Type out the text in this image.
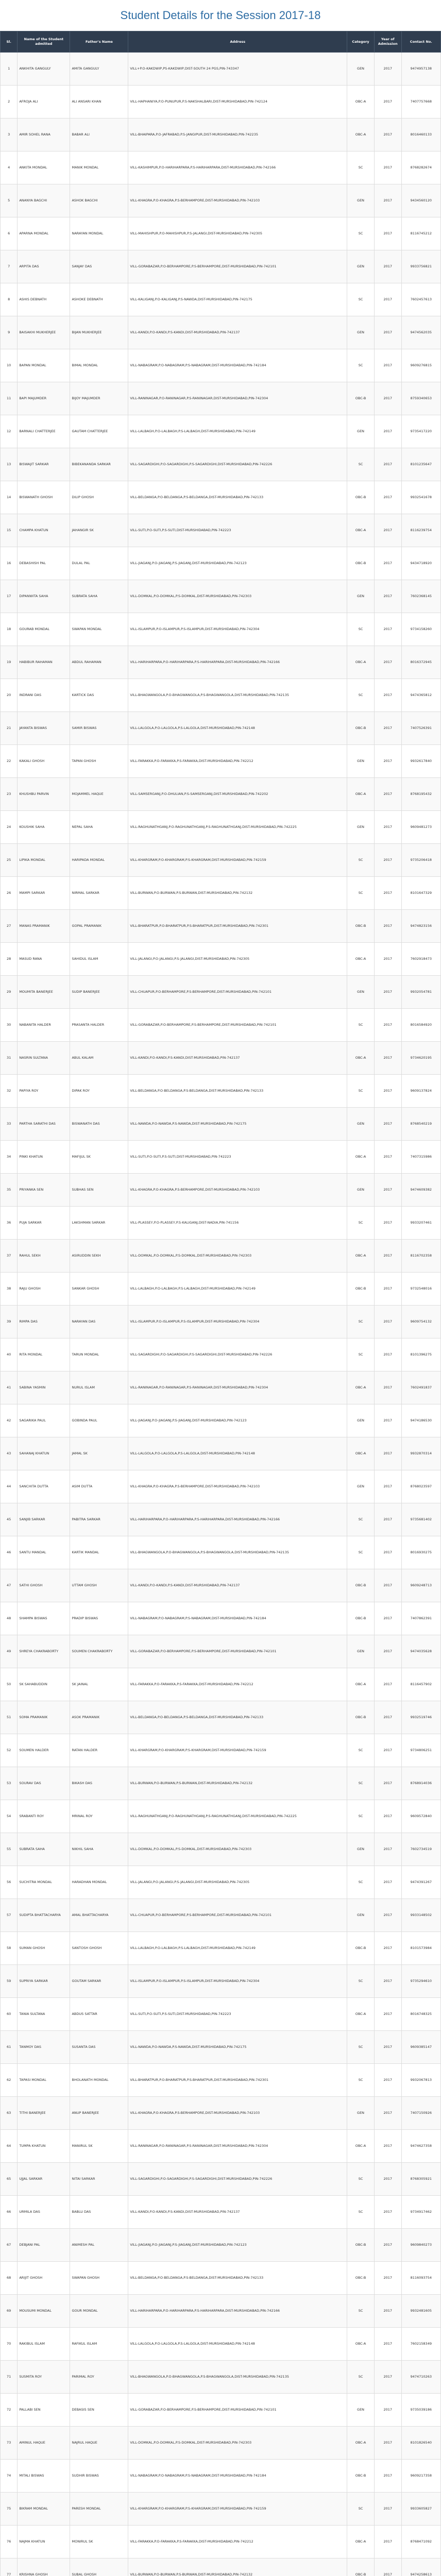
Student Details for the Session 2017-18
Sl.	Name of the Student admitted	Father's Name	Address	Category	Year of Admission	Contact No.
1	ANKHITA GANGULY	AMITA GANGULY	VILL+P.O-KAKDWIP,PS-KAKDWIP,DIST-SOUTH 24 PGS,PIN-743347	GEN	2017	9474957138
2	AFROJA ALI	ALI ANSARI KHAN	VILL-HAPHANIYA,P.O-PUNUPUR,P.S-NAKSHALBARI,DIST-MURSHIDABAD,PIN-742124	OBC-A	2017	7407757668
3	AMIR SOHEL RANA	BABAR ALI	VILL-BHAIPARA,P.O-JAFRABAD,P.S-JANGIPUR,DIST-MURSHIDABAD,PIN-742235	OBC-A	2017	8016460133
4	ANKITA MONDAL	MANIK MONDAL	VILL-KASHIMPUR,P.O-HARIHARPARA,P.S-HARIHARPARA,DIST-MURSHIDABAD,PIN-742166	SC	2017	8768282674
5	ANANYA BAGCHI	ASHOK BAGCHI	VILL-KHAGRA,P.O-KHAGRA,P.S-BERHAMPORE,DIST-MURSHIDABAD,PIN-742103	GEN	2017	9434560120
6	APARNA MONDAL	NARAYAN MONDAL	VILL-MAHISHPUR,P.O-MAHISHPUR,P.S-JALANGI,DIST-MURSHIDABAD,PIN-742305	SC	2017	8116745212
7	ARPITA DAS	SANJAY DAS	VILL-GORABAZAR,P.O-BERHAMPORE,P.S-BERHAMPORE,DIST-MURSHIDABAD,PIN-742101	GEN	2017	9933756821
8	ASHIS DEBNATH	ASHOKE DEBNATH	VILL-KALIGANJ,P.O-KALIGANJ,P.S-NAWDA,DIST-MURSHIDABAD,PIN-742175	SC	2017	7602457613
9	BAISAKHI MUKHERJEE	BIJAN MUKHERJEE	VILL-KANDI,P.O-KANDI,P.S-KANDI,DIST-MURSHIDABAD,PIN-742137	GEN	2017	9474562035
10	BAPAN MONDAL	BIMAL MONDAL	VILL-NABAGRAM,P.O-NABAGRAM,P.S-NABAGRAM,DIST-MURSHIDABAD,PIN-742184	SC	2017	9609276815
11	BAPI MAJUMDER	BIJOY MAJUMDER	VILL-RANINAGAR,P.O-RANINAGAR,P.S-RANINAGAR,DIST-MURSHIDABAD,PIN-742304	OBC-B	2017	8759340653
12	BARNALI CHATTERJEE	GAUTAM CHATTERJEE	VILL-LALBAGH,P.O-LALBAGH,P.S-LALBAGH,DIST-MURSHIDABAD,PIN-742149	GEN	2017	9735417220
13	BISWAJIT SARKAR	BIBEKANANDA SARKAR	VILL-SAGARDIGHI,P.O-SAGARDIGHI,P.S-SAGARDIGHI,DIST-MURSHIDABAD,PIN-742226	SC	2017	8101235647
14	BISWANATH GHOSH	DILIP GHOSH	VILL-BELDANGA,P.O-BELDANGA,P.S-BELDANGA,DIST-MURSHIDABAD,PIN-742133	OBC-B	2017	9932541678
15	CHAMPA KHATUN	JAHANGIR SK	VILL-SUTI,P.O-SUTI,P.S-SUTI,DIST-MURSHIDABAD,PIN-742223	OBC-A	2017	8116239754
16	DEBASHISH PAL	DULAL PAL	VILL-JIAGANJ,P.O-JIAGANJ,P.S-JIAGANJ,DIST-MURSHIDABAD,PIN-742123	OBC-B	2017	9434718920
17	DIPANWITA SAHA	SUBRATA SAHA	VILL-DOMKAL,P.O-DOMKAL,P.S-DOMKAL,DIST-MURSHIDABAD,PIN-742303	GEN	2017	7602368145
18	GOURAB MONDAL	SWAPAN MONDAL	VILL-ISLAMPUR,P.O-ISLAMPUR,P.S-ISLAMPUR,DIST-MURSHIDABAD,PIN-742304	SC	2017	9734158260
19	HABIBUR RAHAMAN	ABDUL RAHAMAN	VILL-HARIHARPARA,P.O-HARIHARPARA,P.S-HARIHARPARA,DIST-MURSHIDABAD,PIN-742166	OBC-A	2017	8016372945
20	INDRANI DAS	KARTICK DAS	VILL-BHAGWANGOLA,P.O-BHAGWANGOLA,P.S-BHAGWANGOLA,DIST-MURSHIDABAD,PIN-742135	SC	2017	9474365812
21	JAYANTA BISWAS	SAMIR BISWAS	VILL-LALGOLA,P.O-LALGOLA,P.S-LALGOLA,DIST-MURSHIDABAD,PIN-742148	OBC-B	2017	7407526391
22	KAKALI GHOSH	TAPAN GHOSH	VILL-FARAKKA,P.O-FARAKKA,P.S-FARAKKA,DIST-MURSHIDABAD,PIN-742212	GEN	2017	9932617840
23	KHUSHBU PARVIN	MOJAMMEL HAQUE	VILL-SAMSERGANJ,P.O-DHULIAN,P.S-SAMSERGANJ,DIST-MURSHIDABAD,PIN-742202	OBC-A	2017	8768195432
24	KOUSHIK SAHA	NEPAL SAHA	VILL-RAGHUNATHGANJ,P.O-RAGHUNATHGANJ,P.S-RAGHUNATHGANJ,DIST-MURSHIDABAD,PIN-742225	GEN	2017	9609481273
25	LIPIKA MONDAL	HARIPADA MONDAL	VILL-KHARGRAM,P.O-KHARGRAM,P.S-KHARGRAM,DIST-MURSHIDABAD,PIN-742159	SC	2017	9735206418
26	MAMPI SARKAR	NIRMAL SARKAR	VILL-BURWAN,P.O-BURWAN,P.S-BURWAN,DIST-MURSHIDABAD,PIN-742132	SC	2017	8101647329
27	MANAS PRAMANIK	GOPAL PRAMANIK	VILL-BHARATPUR,P.O-BHARATPUR,P.S-BHARATPUR,DIST-MURSHIDABAD,PIN-742301	OBC-B	2017	9474823156
28	MASUD RANA	SAHIDUL ISLAM	VILL-JALANGI,P.O-JALANGI,P.S-JALANGI,DIST-MURSHIDABAD,PIN-742305	OBC-A	2017	7602918473
29	MOUMITA BANERJEE	SUDIP BANERJEE	VILL-CHUAPUR,P.O-BERHAMPORE,P.S-BERHAMPORE,DIST-MURSHIDABAD,PIN-742101	GEN	2017	9932054781
30	NABANITA HALDER	PRASANTA HALDER	VILL-GORABAZAR,P.O-BERHAMPORE,P.S-BERHAMPORE,DIST-MURSHIDABAD,PIN-742101	SC	2017	8016584920
31	NASRIN SULTANA	ABUL KALAM	VILL-KANDI,P.O-KANDI,P.S-KANDI,DIST-MURSHIDABAD,PIN-742137	OBC-A	2017	9734620195
32	PAPIYA ROY	DIPAK ROY	VILL-BELDANGA,P.O-BELDANGA,P.S-BELDANGA,DIST-MURSHIDABAD,PIN-742133	SC	2017	9609137824
33	PARTHA SARATHI DAS	BISWANATH DAS	VILL-NAWDA,P.O-NAWDA,P.S-NAWDA,DIST-MURSHIDABAD,PIN-742175	GEN	2017	8768540219
34	PINKI KHATUN	MAFIJUL SK	VILL-SUTI,P.O-SUTI,P.S-SUTI,DIST-MURSHIDABAD,PIN-742223	OBC-A	2017	7407315986
35	PRIYANKA SEN	SUBHAS SEN	VILL-KHAGRA,P.O-KHAGRA,P.S-BERHAMPORE,DIST-MURSHIDABAD,PIN-742103	GEN	2017	9474609382
36	PUJA SARKAR	LAKSHMAN SARKAR	VILL-PLASSEY,P.O-PLASSEY,P.S-KALIGANJ,DIST-NADIA,PIN-741156	SC	2017	9933207461
37	RAHUL SEKH	ASIRUDDIN SEKH	VILL-DOMKAL,P.O-DOMKAL,P.S-DOMKAL,DIST-MURSHIDABAD,PIN-742303	OBC-A	2017	8116702358
38	RAJU GHOSH	SANKAR GHOSH	VILL-LALBAGH,P.O-LALBAGH,P.S-LALBAGH,DIST-MURSHIDABAD,PIN-742149	OBC-B	2017	9732548016
39	RIMPA DAS	NARAYAN DAS	VILL-ISLAMPUR,P.O-ISLAMPUR,P.S-ISLAMPUR,DIST-MURSHIDABAD,PIN-742304	SC	2017	9609754132
40	RITA MONDAL	TARUN MONDAL	VILL-SAGARDIGHI,P.O-SAGARDIGHI,P.S-SAGARDIGHI,DIST-MURSHIDABAD,PIN-742226	SC	2017	8101396275
41	SABINA YASMIN	NURUL ISLAM	VILL-RANINAGAR,P.O-RANINAGAR,P.S-RANINAGAR,DIST-MURSHIDABAD,PIN-742304	OBC-A	2017	7602491837
42	SAGARIKA PAUL	GOBINDA PAUL	VILL-JIAGANJ,P.O-JIAGANJ,P.S-JIAGANJ,DIST-MURSHIDABAD,PIN-742123	GEN	2017	9474186530
43	SAHANAJ KHATUN	JAMAL SK	VILL-LALGOLA,P.O-LALGOLA,P.S-LALGOLA,DIST-MURSHIDABAD,PIN-742148	OBC-A	2017	9932870314
44	SANCHITA DUTTA	ASIM DUTTA	VILL-KHAGRA,P.O-KHAGRA,P.S-BERHAMPORE,DIST-MURSHIDABAD,PIN-742103	GEN	2017	8768023597
45	SANJIB SARKAR	PABITRA SARKAR	VILL-HARIHARPARA,P.O-HARIHARPARA,P.S-HARIHARPARA,DIST-MURSHIDABAD,PIN-742166	SC	2017	9735681402
46	SANTU MANDAL	KARTIK MANDAL	VILL-BHAGWANGOLA,P.O-BHAGWANGOLA,P.S-BHAGWANGOLA,DIST-MURSHIDABAD,PIN-742135	SC	2017	8016930275
47	SATHI GHOSH	UTTAM GHOSH	VILL-KANDI,P.O-KANDI,P.S-KANDI,DIST-MURSHIDABAD,PIN-742137	OBC-B	2017	9609248713
48	SHAMPA BISWAS	PRADIP BISWAS	VILL-NABAGRAM,P.O-NABAGRAM,P.S-NABAGRAM,DIST-MURSHIDABAD,PIN-742184	OBC-B	2017	7407862391
49	SHREYA CHAKRABORTY	SOUMEN CHAKRABORTY	VILL-GORABAZAR,P.O-BERHAMPORE,P.S-BERHAMPORE,DIST-MURSHIDABAD,PIN-742101	GEN	2017	9474035628
50	SK SAHABUDDIN	SK JAINAL	VILL-FARAKKA,P.O-FARAKKA,P.S-FARAKKA,DIST-MURSHIDABAD,PIN-742212	OBC-A	2017	8116457902
51	SOMA PRAMANIK	ASOK PRAMANIK	VILL-BELDANGA,P.O-BELDANGA,P.S-BELDANGA,DIST-MURSHIDABAD,PIN-742133	OBC-B	2017	9932519746
52	SOUMEN HALDER	RATAN HALDER	VILL-KHARGRAM,P.O-KHARGRAM,P.S-KHARGRAM,DIST-MURSHIDABAD,PIN-742159	SC	2017	9734806251
53	SOURAV DAS	BIKASH DAS	VILL-BURWAN,P.O-BURWAN,P.S-BURWAN,DIST-MURSHIDABAD,PIN-742132	SC	2017	8768914036
54	SRABANTI ROY	MRINAL ROY	VILL-RAGHUNATHGANJ,P.O-RAGHUNATHGANJ,P.S-RAGHUNATHGANJ,DIST-MURSHIDABAD,PIN-742225	SC	2017	9609572840
55	SUBRATA SAHA	NIKHIL SAHA	VILL-DOMKAL,P.O-DOMKAL,P.S-DOMKAL,DIST-MURSHIDABAD,PIN-742303	GEN	2017	7602734519
56	SUCHITRA MONDAL	HARADHAN MONDAL	VILL-JALANGI,P.O-JALANGI,P.S-JALANGI,DIST-MURSHIDABAD,PIN-742305	SC	2017	9474391267
57	SUDIPTA BHATTACHARYA	AMAL BHATTACHARYA	VILL-CHUAPUR,P.O-BERHAMPORE,P.S-BERHAMPORE,DIST-MURSHIDABAD,PIN-742101	GEN	2017	9933148502
58	SUMAN GHOSH	SANTOSH GHOSH	VILL-LALBAGH,P.O-LALBAGH,P.S-LALBAGH,DIST-MURSHIDABAD,PIN-742149	OBC-B	2017	8101573984
59	SUPRIYA SARKAR	GOUTAM SARKAR	VILL-ISLAMPUR,P.O-ISLAMPUR,P.S-ISLAMPUR,DIST-MURSHIDABAD,PIN-742304	SC	2017	9735294610
60	TANIA SULTANA	ABDUS SATTAR	VILL-SUTI,P.O-SUTI,P.S-SUTI,DIST-MURSHIDABAD,PIN-742223	OBC-A	2017	8016748325
61	TANMOY DAS	SUSANTA DAS	VILL-NAWDA,P.O-NAWDA,P.S-NAWDA,DIST-MURSHIDABAD,PIN-742175	SC	2017	9609385147
62	TAPASI MONDAL	BHOLANATH MONDAL	VILL-BHARATPUR,P.O-BHARATPUR,P.S-BHARATPUR,DIST-MURSHIDABAD,PIN-742301	SC	2017	9932067813
63	TITHI BANERJEE	ANUP BANERJEE	VILL-KHAGRA,P.O-KHAGRA,P.S-BERHAMPORE,DIST-MURSHIDABAD,PIN-742103	GEN	2017	7407150926
64	TUMPA KHATUN	MANIRUL SK	VILL-RANINAGAR,P.O-RANINAGAR,P.S-RANINAGAR,DIST-MURSHIDABAD,PIN-742304	OBC-A	2017	9474627358
65	UJJAL SARKAR	NITAI SARKAR	VILL-SAGARDIGHI,P.O-SAGARDIGHI,P.S-SAGARDIGHI,DIST-MURSHIDABAD,PIN-742226	SC	2017	8768305921
66	URMILA DAS	BABLU DAS	VILL-KANDI,P.O-KANDI,P.S-KANDI,DIST-MURSHIDABAD,PIN-742137	SC	2017	9734917462
67	DEBJANI PAL	ANIMESH PAL	VILL-JIAGANJ,P.O-JIAGANJ,P.S-JIAGANJ,DIST-MURSHIDABAD,PIN-742123	OBC-B	2017	9609840273
68	ARIJIT GHOSH	SWAPAN GHOSH	VILL-BELDANGA,P.O-BELDANGA,P.S-BELDANGA,DIST-MURSHIDABAD,PIN-742133	OBC-B	2017	8116093754
69	MOUSUMI MONDAL	GOUR MONDAL	VILL-HARIHARPARA,P.O-HARIHARPARA,P.S-HARIHARPARA,DIST-MURSHIDABAD,PIN-742166	SC	2017	9932481605
70	RAKIBUL ISLAM	RAFIKUL ISLAM	VILL-LALGOLA,P.O-LALGOLA,P.S-LALGOLA,DIST-MURSHIDABAD,PIN-742148	OBC-A	2017	7602158349
71	SUSMITA ROY	PARIMAL ROY	VILL-BHAGWANGOLA,P.O-BHAGWANGOLA,P.S-BHAGWANGOLA,DIST-MURSHIDABAD,PIN-742135	SC	2017	9474710263
72	PALLABI SEN	DEBASIS SEN	VILL-GORABAZAR,P.O-BERHAMPORE,P.S-BERHAMPORE,DIST-MURSHIDABAD,PIN-742101	GEN	2017	9735039186
73	AMINUL HAQUE	NAJRUL HAQUE	VILL-DOMKAL,P.O-DOMKAL,P.S-DOMKAL,DIST-MURSHIDABAD,PIN-742303	OBC-A	2017	8101826540
74	MITALI BISWAS	SUDHIR BISWAS	VILL-NABAGRAM,P.O-NABAGRAM,P.S-NABAGRAM,DIST-MURSHIDABAD,PIN-742184	OBC-B	2017	9609217358
75	BIKRAM MONDAL	PARESH MONDAL	VILL-KHARGRAM,P.O-KHARGRAM,P.S-KHARGRAM,DIST-MURSHIDABAD,PIN-742159	SC	2017	9933605827
76	NAJMA KHATUN	MONIRUL SK	VILL-FARAKKA,P.O-FARAKKA,P.S-FARAKKA,DIST-MURSHIDABAD,PIN-742212	OBC-A	2017	8768471092
77	KRISHNA GHOSH	SUBAL GHOSH	VILL-BURWAN,P.O-BURWAN,P.S-BURWAN,DIST-MURSHIDABAD,PIN-742132	OBC-B	2017	9474258613
